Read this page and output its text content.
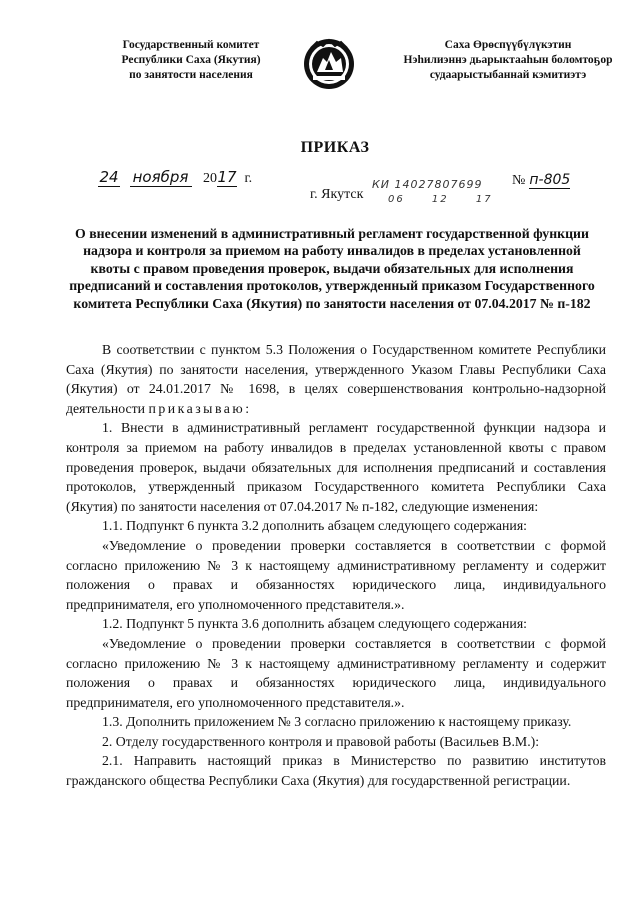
Государственный комитет
Республики Саха (Якутия)
по занятости населения
Саха Өрөспүүбүлүкэтин
Нэһилиэннэ дьарыктааһын боломтоҕор
судаарыстыбаннай кэмитиэтэ
ПРИКАЗ
24 ноября 2017 г.
г. Якутск
КИ 14027807699
06	12	17
№ п-805
О внесении изменений в административный регламент государственной функции надзора и контроля за приемом на работу инвалидов в пределах установленной квоты с правом проведения проверок, выдачи обязательных для исполнения предписаний и составления протоколов, утвержденный приказом Государственного комитета Республики Саха (Якутия) по занятости населения от 07.04.2017 № п-182

В соответствии с пунктом 5.3 Положения о Государственном комитете Республики Саха (Якутия) по занятости населения, утвержденного Указом Главы Республики Саха (Якутия) от 24.01.2017 № 1698, в целях совершенствования контрольно-надзорной деятельности приказываю:

1. Внести в административный регламент государственной функции надзора и контроля за приемом на работу инвалидов в пределах установленной квоты с правом проведения проверок, выдачи обязательных для исполнения предписаний и составления протоколов, утвержденный приказом Государственного комитета Республики Саха (Якутия) по занятости населения от 07.04.2017 № п-182, следующие изменения:

1.1. Подпункт 6 пункта 3.2 дополнить абзацем следующего содержания:

«Уведомление о проведении проверки составляется в соответствии с формой согласно приложению № 3 к настоящему административному регламенту и содержит положения о правах и обязанностях юридического лица, индивидуального предпринимателя, его уполномоченного представителя.».

1.2. Подпункт 5 пункта 3.6 дополнить абзацем следующего содержания:

«Уведомление о проведении проверки составляется в соответствии с формой согласно приложению № 3 к настоящему административному регламенту и содержит положения о правах и обязанностях юридического лица, индивидуального предпринимателя, его уполномоченного представителя.».

1.3. Дополнить приложением № 3 согласно приложению к настоящему приказу.

2. Отделу государственного контроля и правовой работы (Васильев В.М.):

2.1. Направить настоящий приказ в Министерство по развитию институтов гражданского общества Республики Саха (Якутия) для государственной регистрации.
